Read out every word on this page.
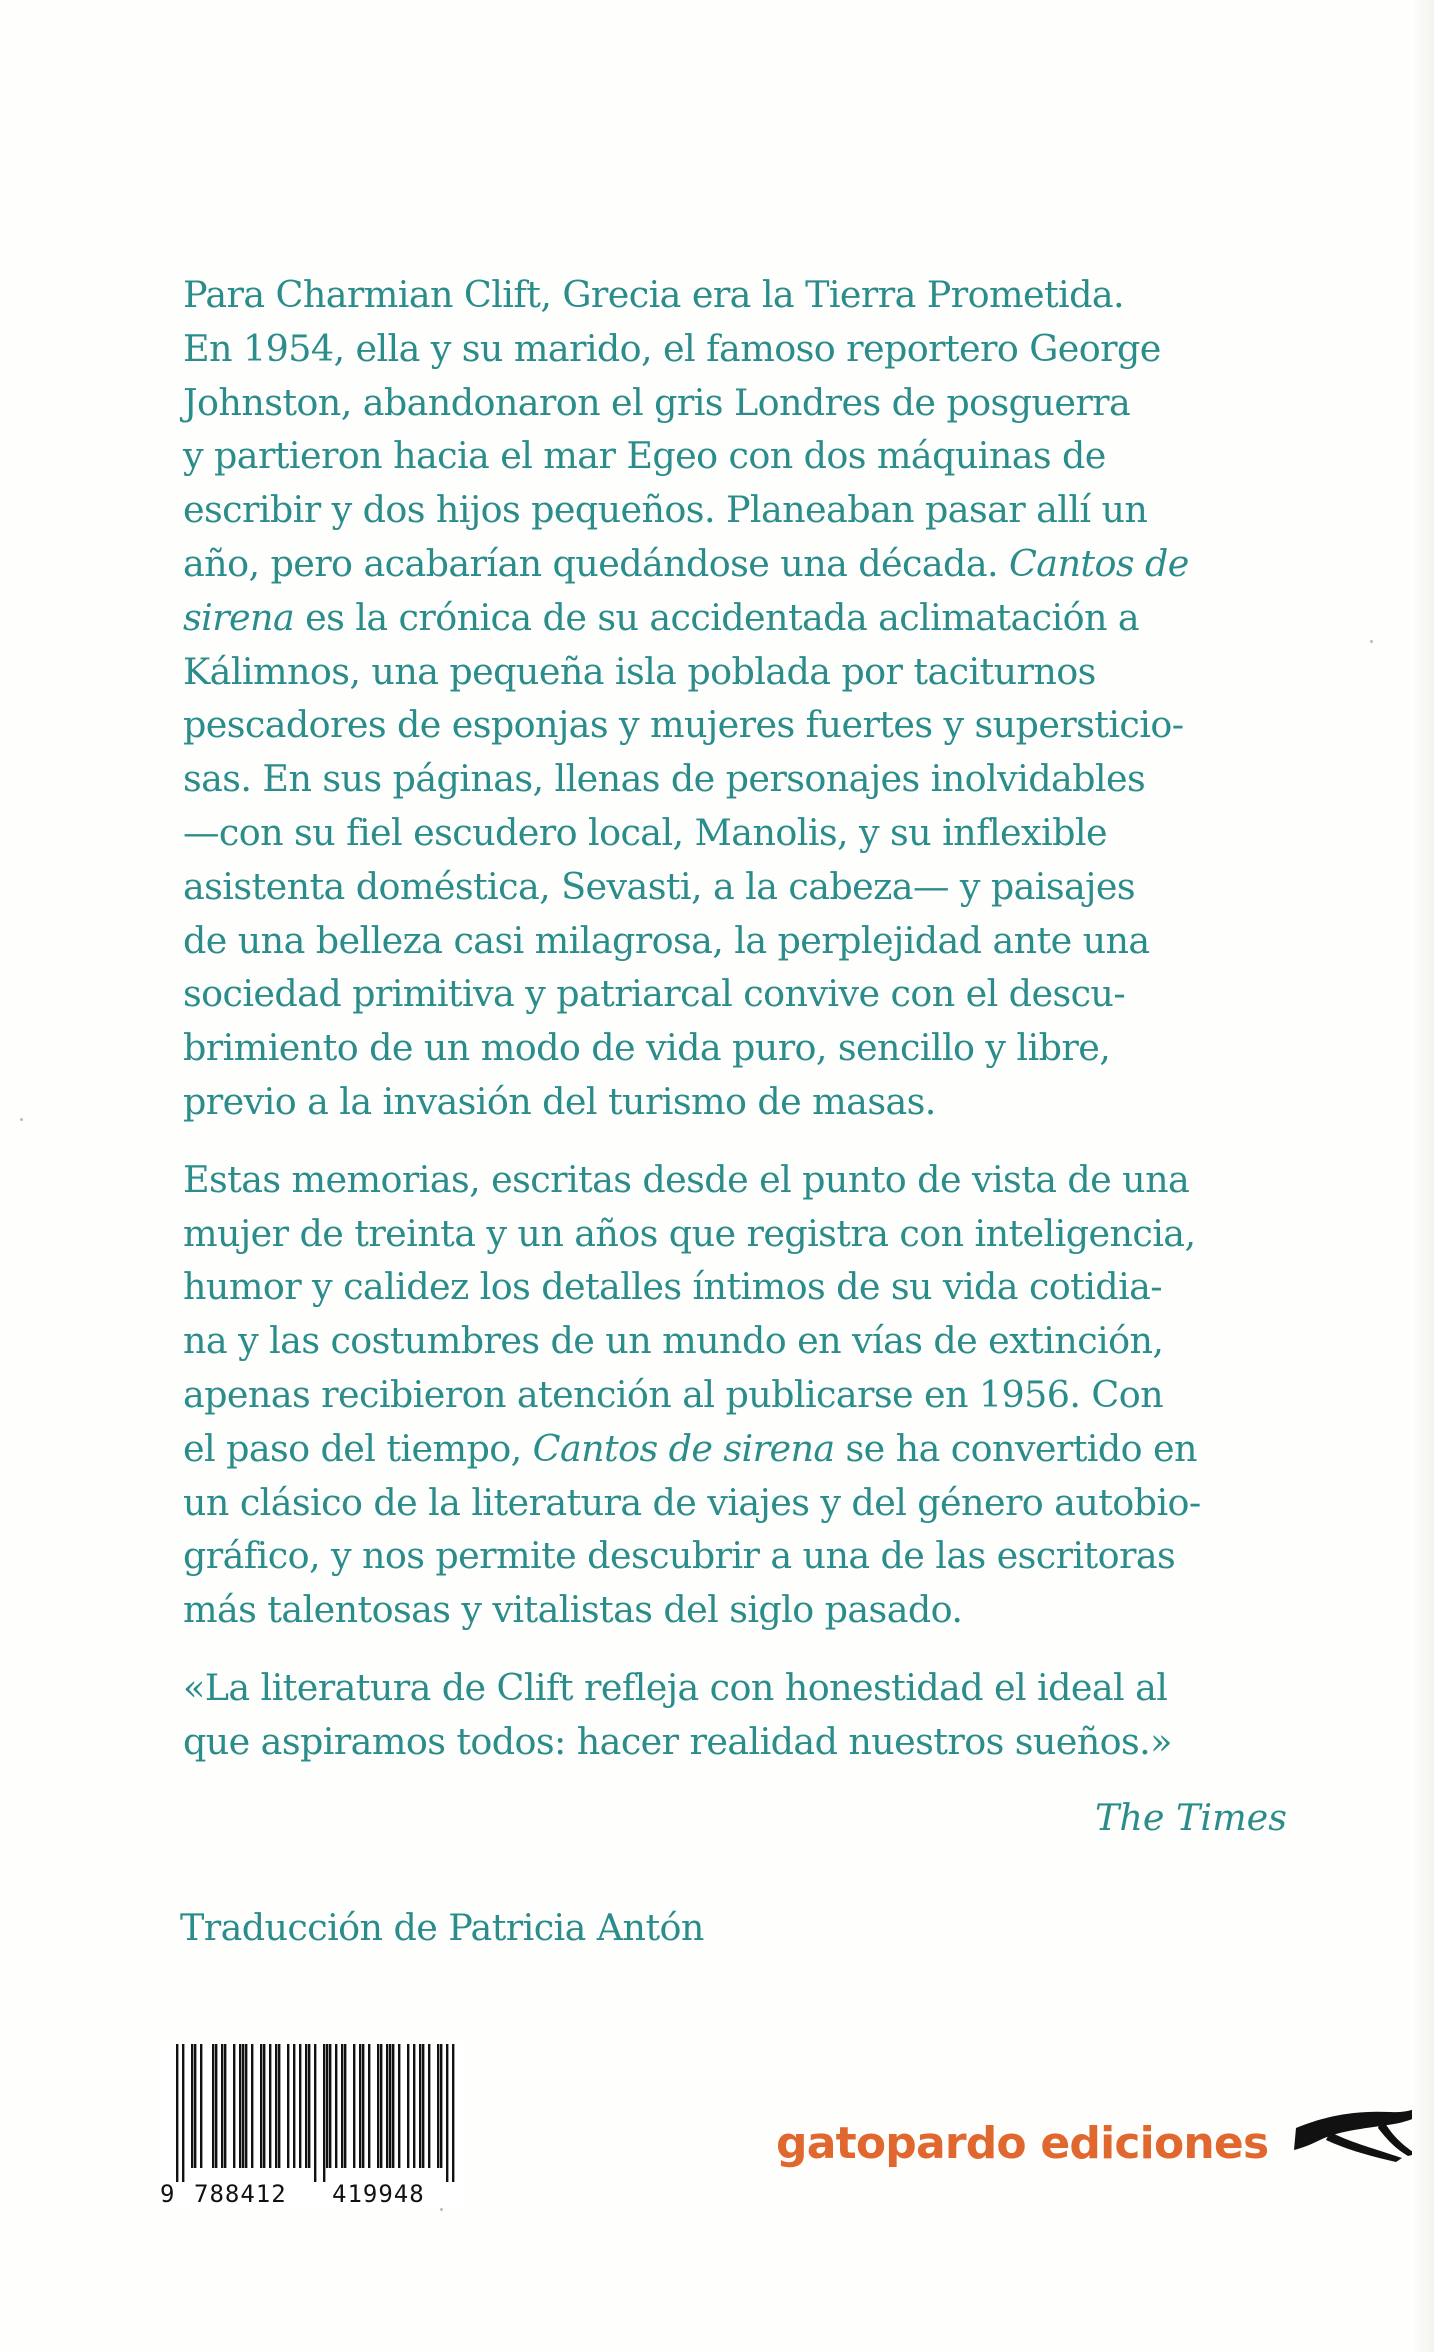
Para Charmian Clift, Grecia era la Tierra Prometida.
En 1954, ella y su marido, el famoso reportero George
Johnston, abandonaron el gris Londres de posguerra
y partieron hacia el mar Egeo con dos máquinas de
escribir y dos hijos pequeños. Planeaban pasar allí un
año, pero acabarían quedándose una década. Cantos de
sirena es la crónica de su accidentada aclimatación a
Kálimnos, una pequeña isla poblada por taciturnos
pescadores de esponjas y mujeres fuertes y supersticio-
sas. En sus páginas, llenas de personajes inolvidables
—con su fiel escudero local, Manolis, y su inflexible
asistenta doméstica, Sevasti, a la cabeza— y paisajes
de una belleza casi milagrosa, la perplejidad ante una
sociedad primitiva y patriarcal convive con el descu-
brimiento de un modo de vida puro, sencillo y libre,
previo a la invasión del turismo de masas.
Estas memorias, escritas desde el punto de vista de una
mujer de treinta y un años que registra con inteligencia,
humor y calidez los detalles íntimos de su vida cotidia-
na y las costumbres de un mundo en vías de extinción,
apenas recibieron atención al publicarse en 1956. Con
el paso del tiempo, Cantos de sirena se ha convertido en
un clásico de la literatura de viajes y del género autobio-
gráfico, y nos permite descubrir a una de las escritoras
más talentosas y vitalistas del siglo pasado.
«La literatura de Clift refleja con honestidad el ideal al
que aspiramos todos: hacer realidad nuestros sueños.»
The Times
Traducción de Patricia Antón
9 788412 419948
gatopardo ediciones
